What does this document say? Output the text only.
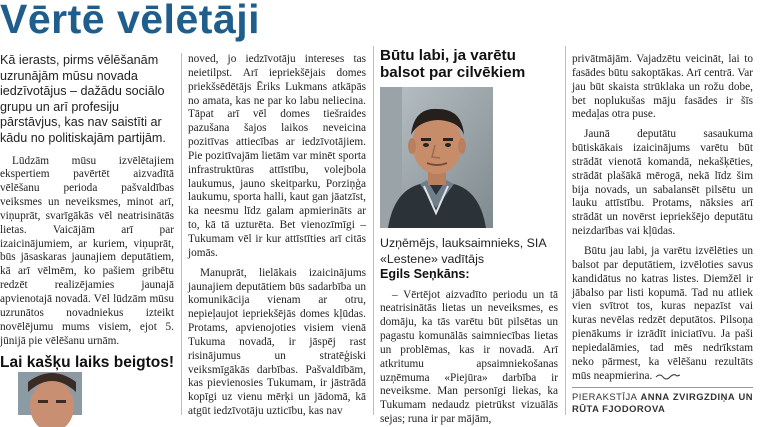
Vērtē vēlētāji
Kā ierasts, pirms vēlēšanām uzrunājām mūsu novada iedzīvotājus – dažādu sociālo grupu un arī profesiju pārstāvjus, kas nav saistīti ar kādu no politiskajām partijām.
Lūdzām mūsu izvēlētajiem ekspertiem pavērtēt aizvadītā vēlēšanu perioda pašvaldības veiksmes un neveiksmes, minot arī, viņuprāt, svarīgākās vēl neatrisinātās lietas. Vaicājām arī par izaicinājumiem, ar kuriem, viņuprāt, būs jāsaskaras jaunajiem deputātiem, kā arī vēlmēm, ko pašiem gribētu redzēt realizējamies jaunajā apvienotajā novadā. Vēl lūdzām mūsu uzrunātos novadniekus izteikt novēlējumu mums visiem, ejot 5. jūnijā pie vēlēšanu urnām.
Lai kašķu laiks beigtos!

noved, jo iedzīvotāju intereses tas neietilpst. Arī iepriekšējais domes priekšsēdētājs Ēriks Lukmans atkāpās no amata, kas ne par ko labu neliecina. Tāpat arī vēl domes tiešraides pazušana šajos laikos neveicina pozitīvas attiecības ar iedzīvotājiem. Pie pozitīvajām lietām var minēt sporta infrastruktūras attīstību, volejbola laukumus, jauno skeitparku, Porziņģa laukumu, sporta halli, kaut gan jāatzīst, ka neesmu līdz galam apmierināts ar to, kā tā uzturēta. Bet vienozīmīgi – Tukumam vēl ir kur attīstīties arī citās jomās.

Manuprāt, lielākais izaicinājums jaunajiem deputātiem būs sadarbība un komunikācija vienam ar otru, nepieļaujot iepriekšējās domes kļūdas. Protams, apvienojoties visiem vienā Tukuma novadā, ir jāspēj rast risinājumus un stratēģiski veiksmīgākās darbības. Pašvaldībām, kas pievienosies Tukumam, ir jāstrādā kopīgi uz vienu mērķi un jādomā, kā atgūt iedzīvotāju uzticību, kas nav

Būtu labi, ja varētu balsot par cilvēkiem
Uzņēmējs, lauksaimnieks, SIA «Lestene» vadītājs
Egils Seņkāns:
– Vērtējot aizvadīto periodu un tā neatrisinātās lietas un neveiksmes, es domāju, ka tās varētu būt pilsētas un pagastu komunālās saimniecības lietas un problēmas, kas ir novadā. Arī atkritumu apsaimniekošanas uzņēmuma «Piejūra» darbība ir neveiksme. Man personīgi liekas, ka Tukumam nedaudz pietrūkst vizuālās sejas; runa ir par mājām,

privātmājām. Vajadzētu veicināt, lai to fasādes būtu sakoptākas. Arī centrā. Var jau būt skaista strūklaka un rožu dobe, bet noplukušas māju fasādes ir šīs medaļas otra puse.

Jaunā deputātu sasaukuma būtiskākais izaicinājums varētu būt strādāt vienotā komandā, nekašķēties, strādāt plašākā mērogā, nekā līdz šim bija novads, un sabalansēt pilsētu un lauku attīstību. Protams, nāksies arī strādāt un novērst iepriekšējo deputātu neizdarības vai kļūdas.

Būtu jau labi, ja varētu izvēlēties un balsot par deputātiem, izvēloties savus kandidātus no katras listes. Diemžēl ir jābalso par listi kopumā. Tad nu atliek vien svītrot tos, kuras nepazīst vai kuras nevēlas redzēt deputātos. Pilsoņa pienākums ir izrādīt iniciatīvu. Ja paši nepiedalāmies, tad mēs nedrīkstam neko pārmest, ka vēlēšanu rezultāts mūs neapmierina.

PIERAKSTĪJA ANNA ZVIRGZDIŅA UN RŪTA FJODOROVA
